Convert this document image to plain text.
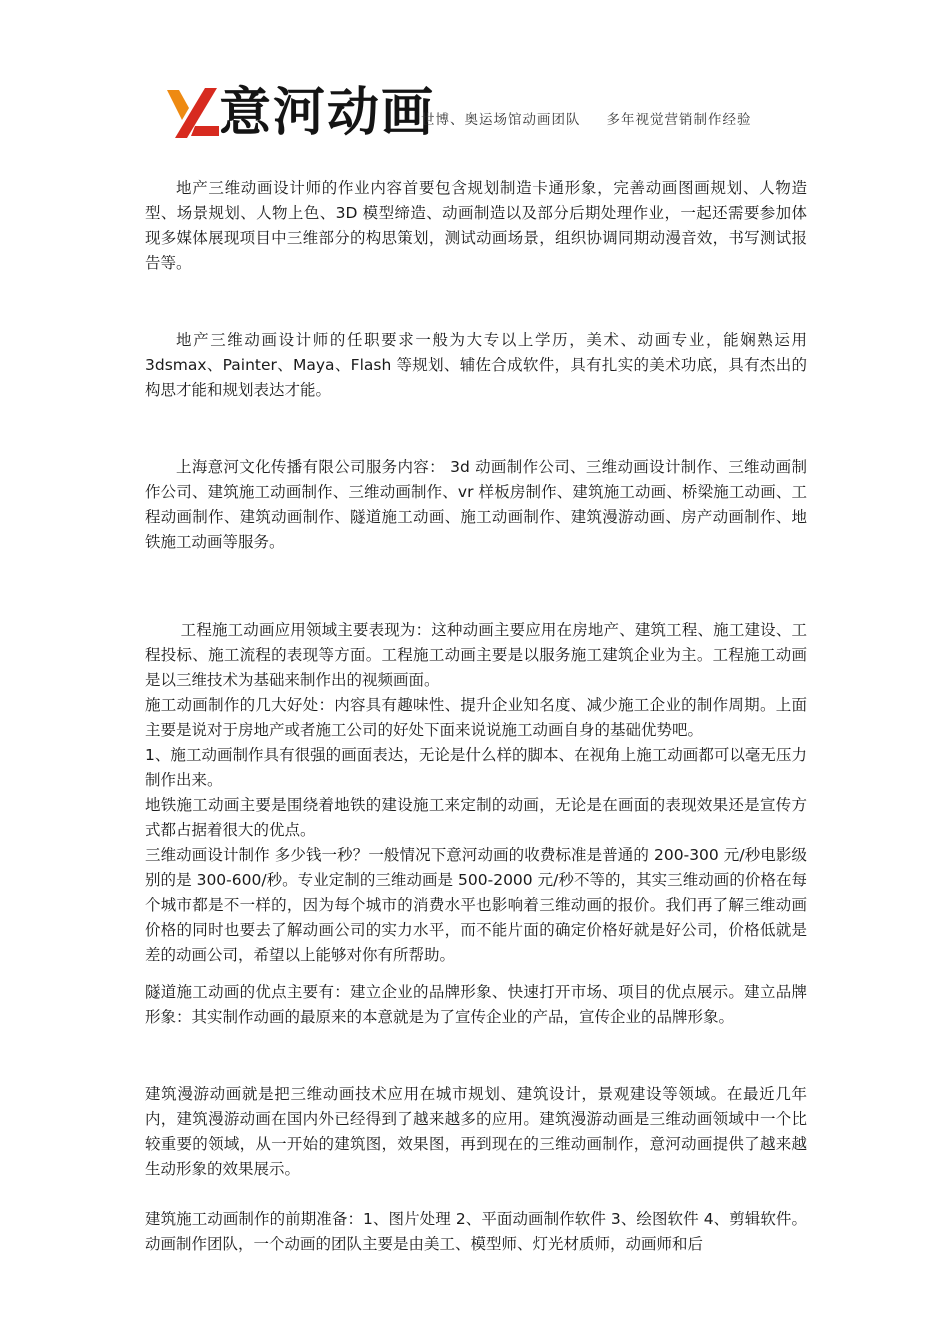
意河动画
世博、奥运场馆动画团队 多年视觉营销制作经验

地产三维动画设计师的作业内容首要包含规划制造卡通形象，完善动画图画规划、人物造型、场景规划、人物上色、3D 模型缔造、动画制造以及部分后期处理作业，一起还需要参加体现多媒体展现项目中三维部分的构思策划，测试动画场景，组织协调同期动漫音效，书写测试报告等。

地产三维动画设计师的任职要求一般为大专以上学历，美术、动画专业，能娴熟运用 3dsmax、Painter、Maya、Flash 等规划、辅佐合成软件，具有扎实的美术功底，具有杰出的构思才能和规划表达才能。

上海意河文化传播有限公司服务内容： 3d 动画制作公司、三维动画设计制作、三维动画制作公司、建筑施工动画制作、三维动画制作、vr 样板房制作、建筑施工动画、桥梁施工动画、工程动画制作、建筑动画制作、隧道施工动画、施工动画制作、建筑漫游动画、房产动画制作、地铁施工动画等服务。

工程施工动画应用领域主要表现为：这种动画主要应用在房地产、建筑工程、施工建设、工程投标、施工流程的表现等方面。工程施工动画主要是以服务施工建筑企业为主。工程施工动画是以三维技术为基础来制作出的视频画面。

施工动画制作的几大好处：内容具有趣味性、提升企业知名度、减少施工企业的制作周期。上面主要是说对于房地产或者施工公司的好处下面来说说施工动画自身的基础优势吧。

1、施工动画制作具有很强的画面表达，无论是什么样的脚本、在视角上施工动画都可以毫无压力制作出来。

地铁施工动画主要是围绕着地铁的建设施工来定制的动画，无论是在画面的表现效果还是宣传方式都占据着很大的优点。

三维动画设计制作 多少钱一秒？一般情况下意河动画的收费标准是普通的 200-300 元/秒电影级别的是 300-600/秒。专业定制的三维动画是 500-2000 元/秒不等的，其实三维动画的价格在每个城市都是不一样的，因为每个城市的消费水平也影响着三维动画的报价。我们再了解三维动画价格的同时也要去了解动画公司的实力水平，而不能片面的确定价格好就是好公司，价格低就是差的动画公司，希望以上能够对你有所帮助。

隧道施工动画的优点主要有：建立企业的品牌形象、快速打开市场、项目的优点展示。建立品牌形象：其实制作动画的最原来的本意就是为了宣传企业的产品，宣传企业的品牌形象。

建筑漫游动画就是把三维动画技术应用在城市规划、建筑设计，景观建设等领域。在最近几年内，建筑漫游动画在国内外已经得到了越来越多的应用。建筑漫游动画是三维动画领域中一个比较重要的领域，从一开始的建筑图，效果图，再到现在的三维动画制作，意河动画提供了越来越生动形象的效果展示。

建筑施工动画制作的前期准备：1、图片处理 2、平面动画制作软件 3、绘图软件 4、剪辑软件。动画制作团队，一个动画的团队主要是由美工、模型师、灯光材质师，动画师和后
